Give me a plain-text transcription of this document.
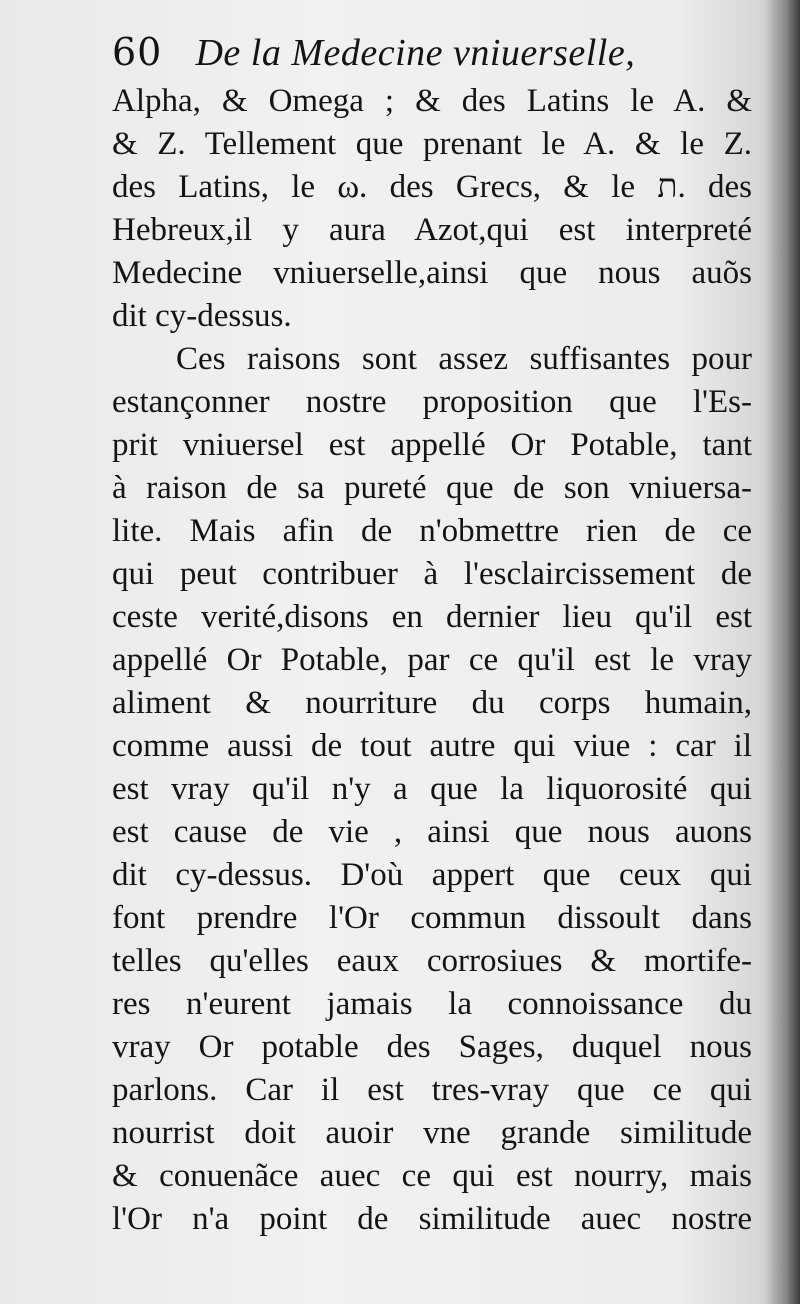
60 De la Medecine vniuerselle,
Alpha, & Omega ; & des Latins le A. &
& Z. Tellement que prenant le A. & le Z.
des Latins, le ω. des Grecs, & le ת. des
Hebreux,il y aura Azot,qui est interpreté
Medecine vniuerselle,ainsi que nous auõs
dit cy-dessus.
Ces raisons sont assez suffisantes pour
estançonner nostre proposition que l'Es-
prit vniuersel est appellé Or Potable, tant
à raison de sa pureté que de son vniuersa-
lite. Mais afin de n'obmettre rien de ce
qui peut contribuer à l'esclaircissement de
ceste verité,disons en dernier lieu qu'il est
appellé Or Potable, par ce qu'il est le vray
aliment & nourriture du corps humain,
comme aussi de tout autre qui viue : car il
est vray qu'il n'y a que la liquorosité qui
est cause de vie , ainsi que nous auons
dit cy-dessus. D'où appert que ceux qui
font prendre l'Or commun dissoult dans
telles qu'elles eaux corrosiues & mortife-
res n'eurent jamais la connoissance du
vray Or potable des Sages, duquel nous
parlons. Car il est tres-vray que ce qui
nourrist doit auoir vne grande similitude
& conuenãce auec ce qui est nourry, mais
l'Or n'a point de similitude auec nostre
